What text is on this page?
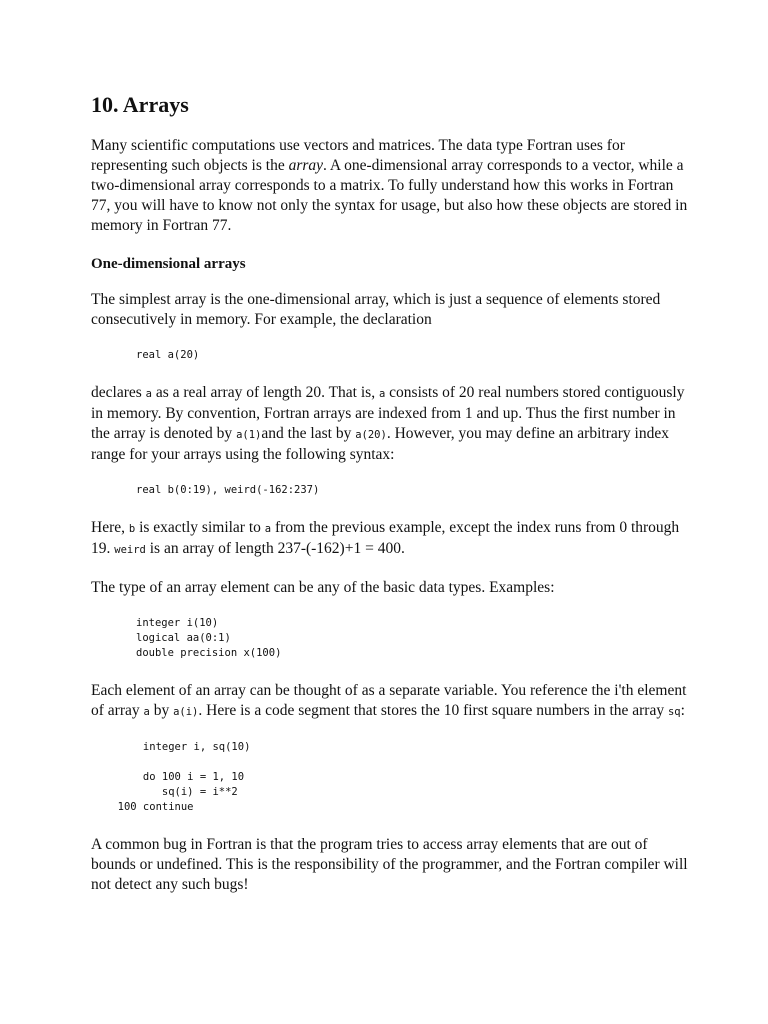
10. Arrays

Many scientific computations use vectors and matrices. The data type Fortran uses for representing such objects is the array. A one-dimensional array corresponds to a vector, while a two-dimensional array corresponds to a matrix. To fully understand how this works in Fortran 77, you will have to know not only the syntax for usage, but also how these objects are stored in memory in Fortran 77.

One-dimensional arrays

The simplest array is the one-dimensional array, which is just a sequence of elements stored consecutively in memory. For example, the declaration

real a(20)

declares a as a real array of length 20. That is, a consists of 20 real numbers stored contiguously in memory. By convention, Fortran arrays are indexed from 1 and up. Thus the first number in the array is denoted by a(1)and the last by a(20). However, you may define an arbitrary index range for your arrays using the following syntax:

real b(0:19), weird(-162:237)

Here, b is exactly similar to a from the previous example, except the index runs from 0 through 19. weird is an array of length 237-(-162)+1 = 400.

The type of an array element can be any of the basic data types. Examples:

integer i(10)
logical aa(0:1)
double precision x(100)

Each element of an array can be thought of as a separate variable. You reference the i'th element of array a by a(i). Here is a code segment that stores the 10 first square numbers in the array sq:

integer i, sq(10)

do 100 i = 1, 10
sq(i) = i**2
100 continue

A common bug in Fortran is that the program tries to access array elements that are out of bounds or undefined. This is the responsibility of the programmer, and the Fortran compiler will not detect any such bugs!
